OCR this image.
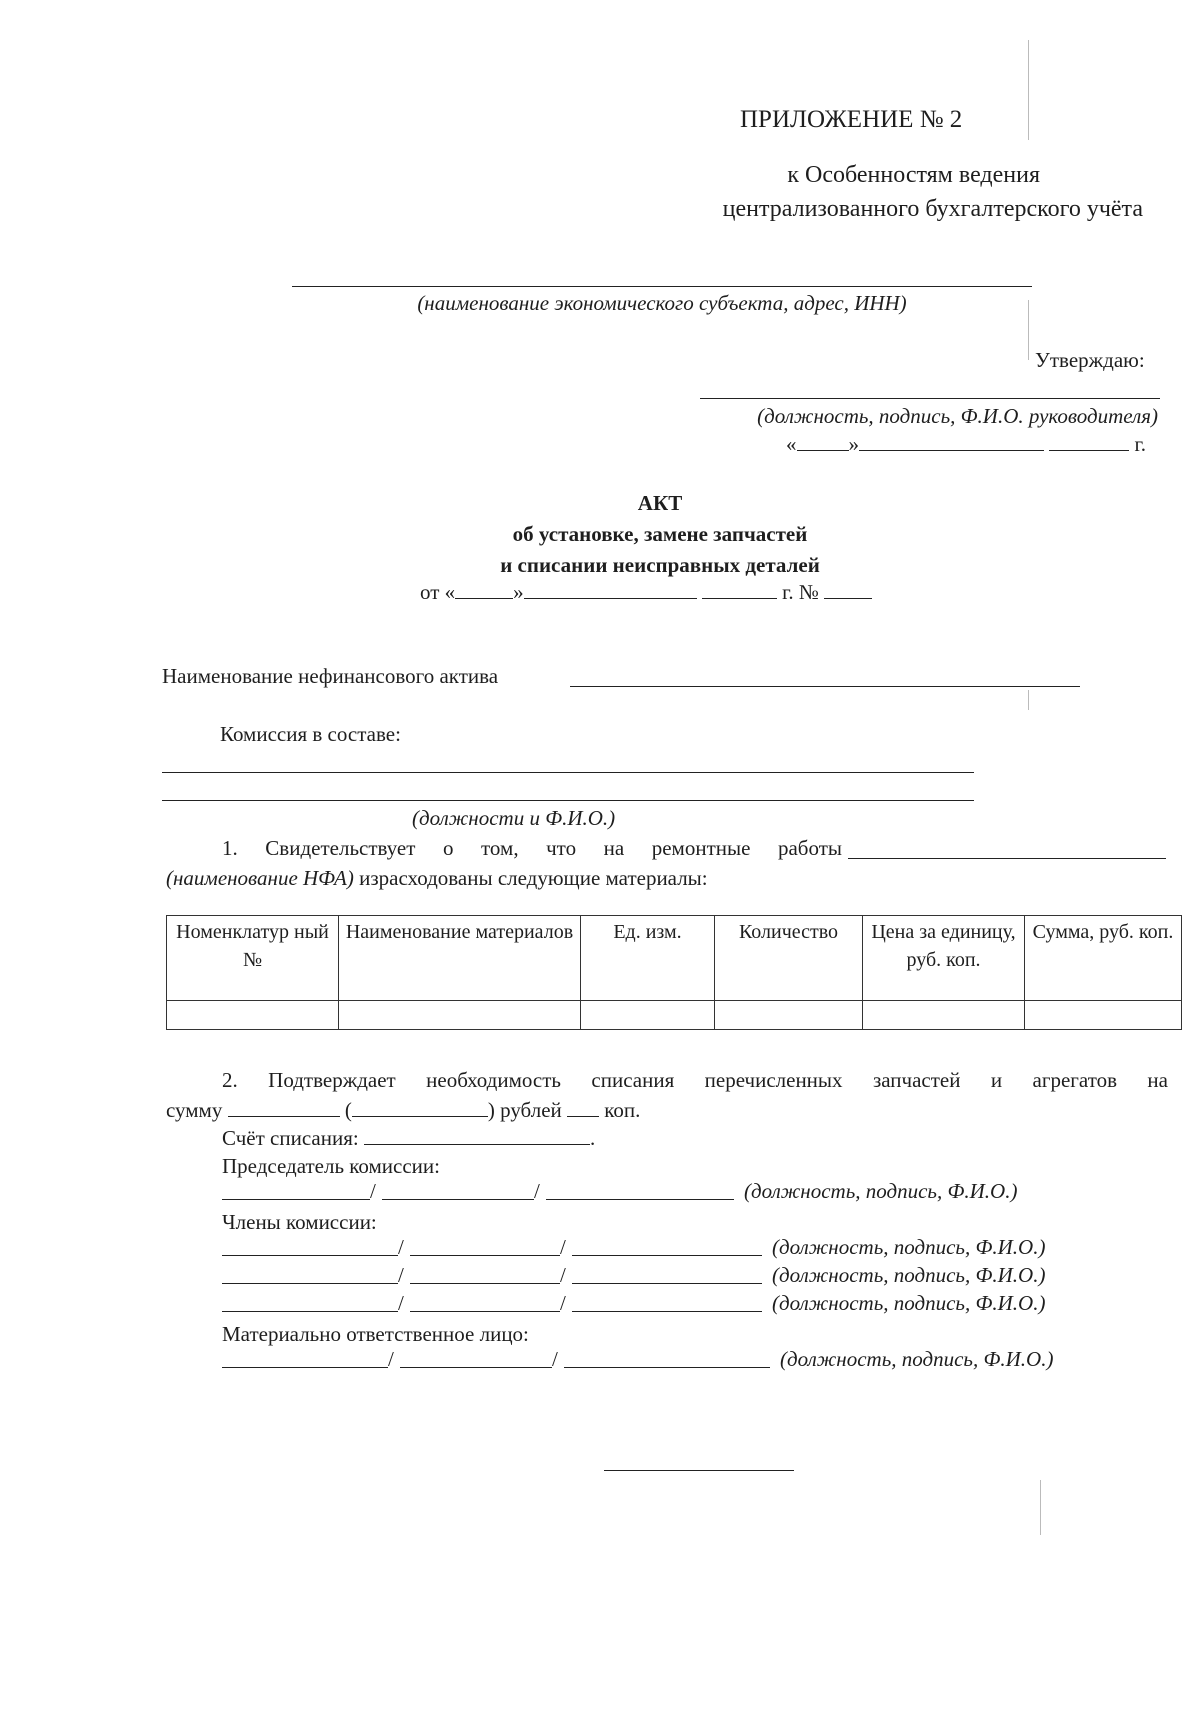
ПРИЛОЖЕНИЕ № 2
к Особенностям ведения
централизованного бухгалтерского учёта
(наименование экономического субъекта, адрес, ИНН)
Утверждаю:
(должность, подпись, Ф.И.О. руководителя)
« »	г.
АКТ
об установке, замене запчастей
и списании неисправных деталей
от «	»	г. №
Наименование нефинансового актива
Комиссия в составе:
(должности и Ф.И.О.)
1. Свидетельствует о том, что на ремонтные работы
(наименование НФА) израсходованы следующие материалы:
Номенклатур ный №	Наименование материалов	Ед. изм.	Количество	Цена за единицу, руб. коп.	Сумма, руб. коп.

2. Подтверждает необходимость списания перечисленных запчастей и агрегатов на
сумму	(	) рублей коп.
Счёт списания:	.
Председатель комиссии:
/	/	(должность, подпись, Ф.И.О.)
Члены комиссии:
/	/	(должность, подпись, Ф.И.О.)
/	/	(должность, подпись, Ф.И.О.)
/	/	(должность, подпись, Ф.И.О.)
Материально ответственное лицо:
/	/	(должность, подпись, Ф.И.О.)
